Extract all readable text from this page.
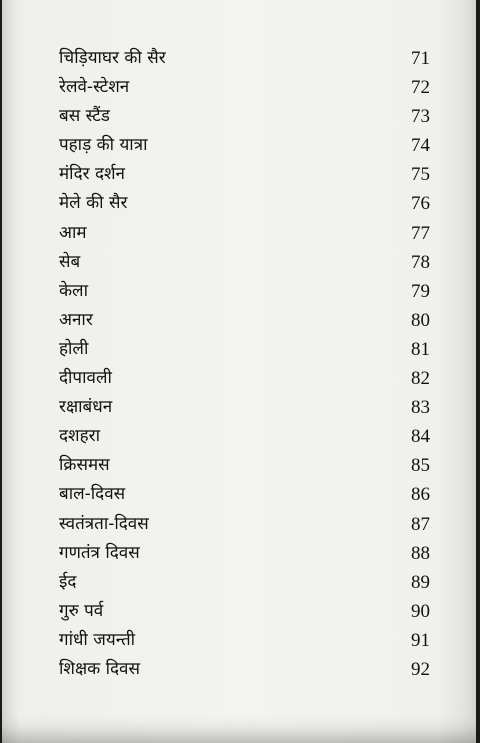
चिड़ियाघर की सैर	71
रेलवे-स्टेशन	72
बस स्टैंड	73
पहाड़ की यात्रा	74
मंदिर दर्शन	75
मेले की सैर	76
आम	77
सेब	78
केला	79
अनार	80
होली	81
दीपावली	82
रक्षाबंधन	83
दशहरा	84
क्रिसमस	85
बाल-दिवस	86
स्वतंत्रता-दिवस	87
गणतंत्र दिवस	88
ईद	89
गुरु पर्व	90
गांधी जयन्ती	91
शिक्षक दिवस	92
